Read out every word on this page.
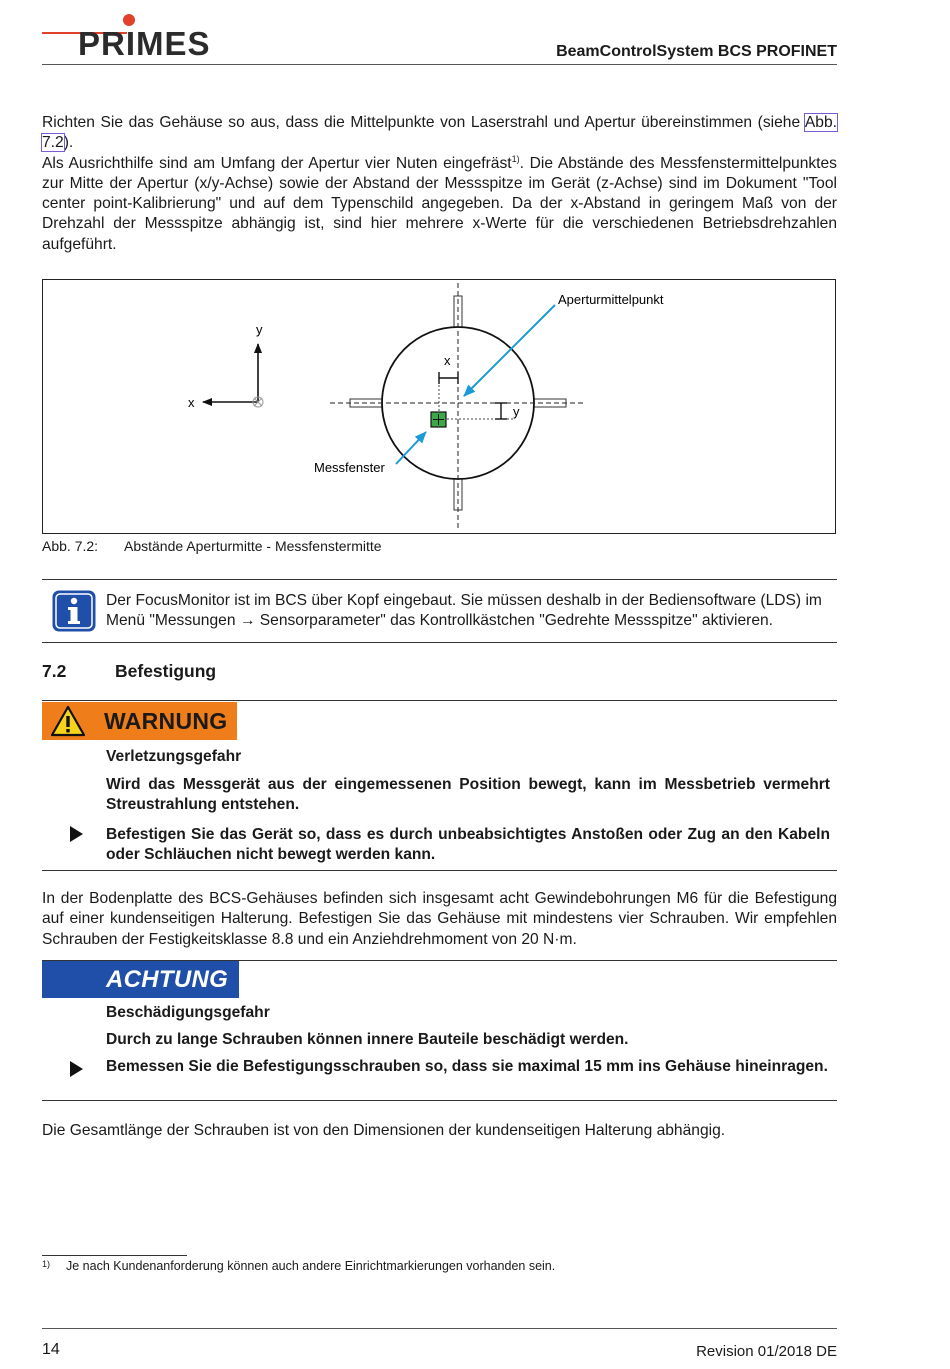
PRIMES	BeamControlSystem BCS PROFINET

Richten Sie das Gehäuse so aus, dass die Mittelpunkte von Laserstrahl und Apertur übereinstimmen (siehe Abb. 7.2).

Als Ausrichthilfe sind am Umfang der Apertur vier Nuten eingefräst$^{1)}$. Die Abstände des Messfenstermittelpunktes zur Mitte der Apertur (x/y-Achse) sowie der Abstand der Messspitze im Gerät (z-Achse) sind im Dokument "Tool center point-Kalibrierung" und auf dem Typenschild angegeben. Da der x-Abstand in geringem Maß von der Drehzahl der Messspitze abhängig ist, sind hier mehrere x-Werte für die verschiedenen Betriebsdrehzahlen aufgeführt.

y
x
x
y
Aperturmittelpunkt
Messfenster
Abb. 7.2: Abstände Aperturmitte - Messfenstermitte
Der FocusMonitor ist im BCS über Kopf eingebaut. Sie müssen deshalb in der Bediensoftware (LDS) im Menü "Messungen → Sensorparameter" das Kontrollkästchen "Gedrehte Messspitze" aktivieren.
7.2	Befestigung
WARNUNG
Verletzungsgefahr
Wird das Messgerät aus der eingemessenen Position bewegt, kann im Messbetrieb vermehrt Streustrahlung entstehen.
Befestigen Sie das Gerät so, dass es durch unbeabsichtigtes Anstoßen oder Zug an den Kabeln oder Schläuchen nicht bewegt werden kann.
In der Bodenplatte des BCS-Gehäuses befinden sich insgesamt acht Gewindebohrungen M6 für die Befestigung auf einer kundenseitigen Halterung. Befestigen Sie das Gehäuse mit mindestens vier Schrauben. Wir empfehlen Schrauben der Festigkeitsklasse 8.8 und ein Anziehdrehmoment von 20 N·m.
ACHTUNG
Beschädigungsgefahr
Durch zu lange Schrauben können innere Bauteile beschädigt werden.
Bemessen Sie die Befestigungsschrauben so, dass sie maximal 15 mm ins Gehäuse hineinragen.
Die Gesamtlänge der Schrauben ist von den Dimensionen der kundenseitigen Halterung abhängig.
1) Je nach Kundenanforderung können auch andere Einrichtmarkierungen vorhanden sein.
14	Revision 01/2018 DE
